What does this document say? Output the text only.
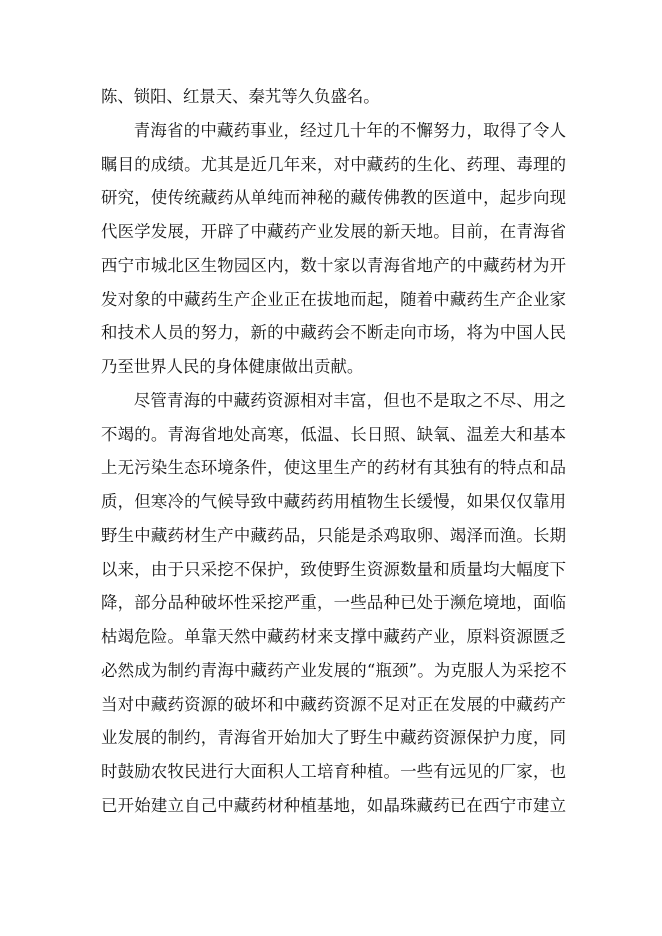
陈、锁阳、红景天、秦艽等久负盛名。
青海省的中藏药事业，经过几十年的不懈努力，取得了令人
瞩目的成绩。尤其是近几年来，对中藏药的生化、药理、毒理的
研究，使传统藏药从单纯而神秘的藏传佛教的医道中，起步向现
代医学发展，开辟了中藏药产业发展的新天地。目前，在青海省
西宁市城北区生物园区内，数十家以青海省地产的中藏药材为开
发对象的中藏药生产企业正在拔地而起，随着中藏药生产企业家
和技术人员的努力，新的中藏药会不断走向市场，将为中国人民
乃至世界人民的身体健康做出贡献。
尽管青海的中藏药资源相对丰富，但也不是取之不尽、用之
不竭的。青海省地处高寒，低温、长日照、缺氧、温差大和基本
上无污染生态环境条件，使这里生产的药材有其独有的特点和品
质，但寒冷的气候导致中藏药药用植物生长缓慢，如果仅仅靠用
野生中藏药材生产中藏药品，只能是杀鸡取卵、竭泽而渔。长期
以来，由于只采挖不保护，致使野生资源数量和质量均大幅度下
降，部分品种破坏性采挖严重，一些品种已处于濒危境地，面临
枯竭危险。单靠天然中藏药材来支撑中藏药产业，原料资源匮乏
必然成为制约青海中藏药产业发展的“瓶颈”。为克服人为采挖不
当对中藏药资源的破坏和中藏药资源不足对正在发展的中藏药产
业发展的制约，青海省开始加大了野生中藏药资源保护力度，同
时鼓励农牧民进行大面积人工培育种植。一些有远见的厂家，也
已开始建立自己中藏药材种植基地，如晶珠藏药已在西宁市建立
